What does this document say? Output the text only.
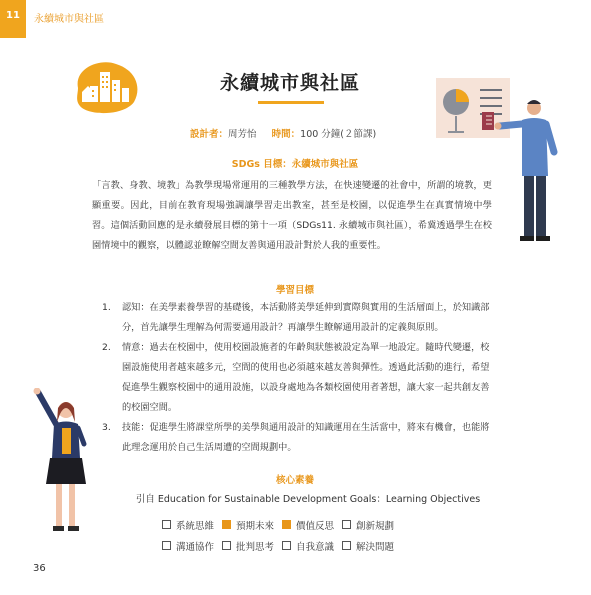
11	永續城市與社區
永續城市與社區
設計者：周芳怡 時間：100 分鐘(２節課)
SDGs 目標：永續城市與社區
「言教、身教、境教」為教學現場常運用的三種教學方法，在快速變遷的社會中，所謂的境教，更顯重要。因此，目前在教育現場強調讓學習走出教室，甚至是校園，以促進學生在真實情境中學習。這個活動回應的是永續發展目標的第十一項（SDGs11. 永續城市與社區），希冀透過學生在校園情境中的觀察，以體認並瞭解空間友善與通用設計對於人我的重要性。
學習目標
1.	認知：在美學素養學習的基礎後，本活動將美學延伸到實際與實用的生活層面上，於知識部分，首先讓學生理解為何需要通用設計？再讓學生瞭解通用設計的定義與原則。
2.	情意：過去在校園中，使用校園設施者的年齡與狀態被設定為單一地設定。隨時代變遷，校園設施使用者越來越多元，空間的使用也必須越來越友善與彈性。透過此活動的進行，希望促進學生觀察校園中的通用設施，以設身處地為各類校園使用者著想，讓大家一起共創友善的校園空間。
3.	技能：促進學生將課堂所學的美學與通用設計的知識運用在生活當中，將來有機會，也能將此理念運用於自己生活周遭的空間規劃中。
核心素養
引自 Education for Sustainable Development Goals：Learning Objectives
系統思維 預期未來 價值反思 創新規劃
溝通協作 批判思考 自我意識 解決問題
36
